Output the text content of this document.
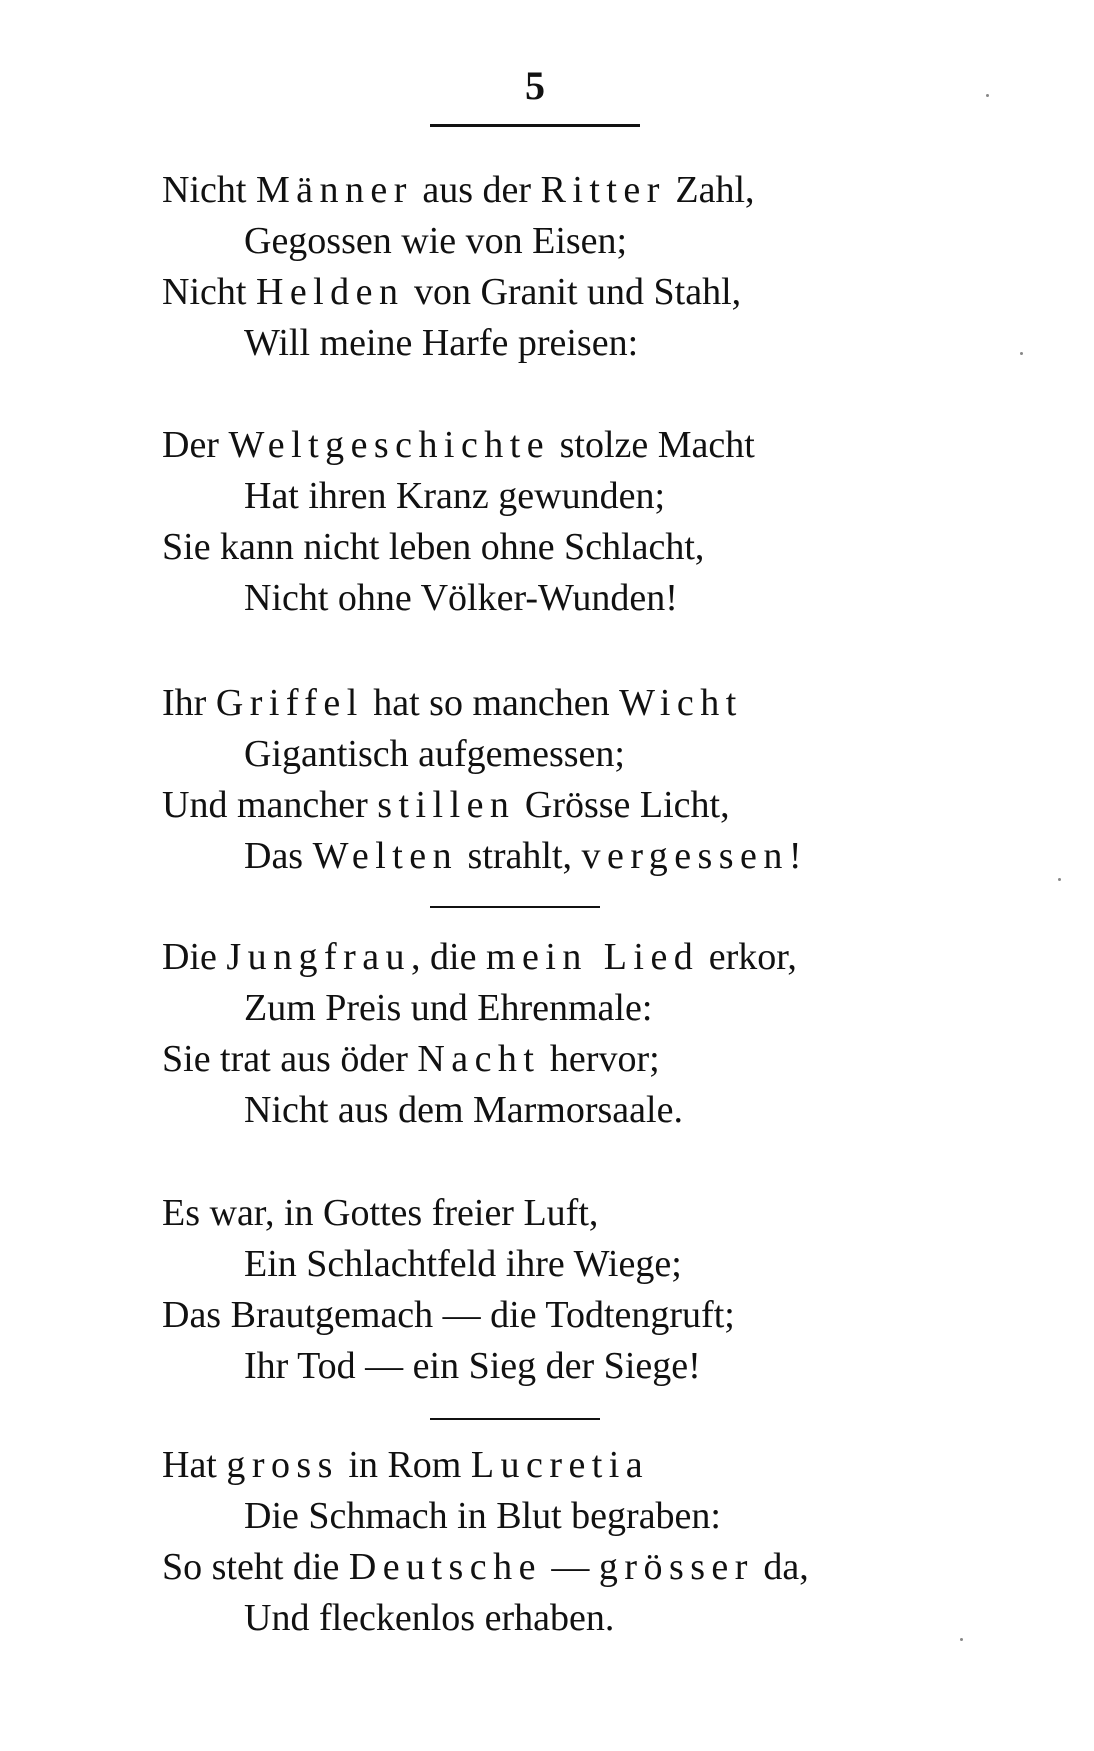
5
Nicht Männer aus der Ritter Zahl,
Gegossen wie von Eisen;
Nicht Helden von Granit und Stahl,
Will meine Harfe preisen:
Der Weltgeschichte stolze Macht
Hat ihren Kranz gewunden;
Sie kann nicht leben ohne Schlacht,
Nicht ohne Völker-Wunden!
Ihr Griffel hat so manchen Wicht
Gigantisch aufgemessen;
Und mancher stillen Grösse Licht,
Das Welten strahlt, vergessen!
Die Jungfrau, die mein Lied erkor,
Zum Preis und Ehrenmale:
Sie trat aus öder Nacht hervor;
Nicht aus dem Marmorsaale.
Es war, in Gottes freier Luft,
Ein Schlachtfeld ihre Wiege;
Das Brautgemach — die Todtengruft;
Ihr Tod — ein Sieg der Siege!
Hat gross in Rom Lucretia
Die Schmach in Blut begraben:
So steht die Deutsche — grösser da,
Und fleckenlos erhaben.
